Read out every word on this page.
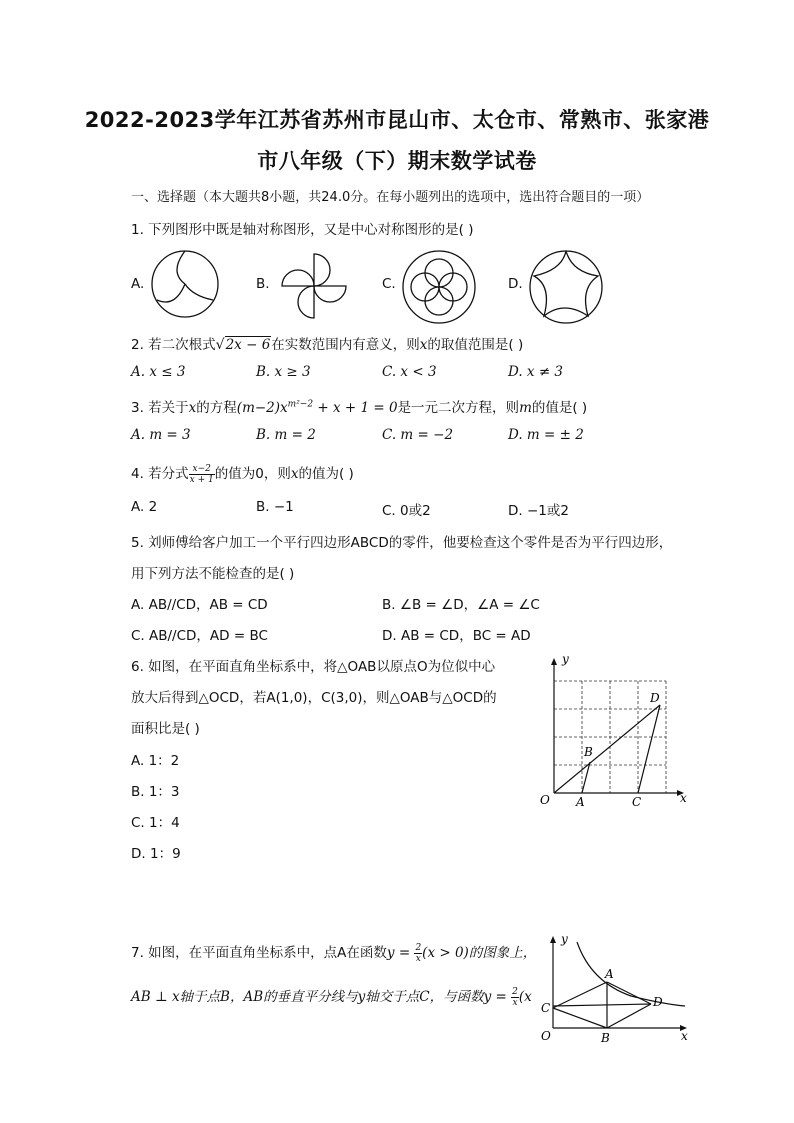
2022-2023学年江苏省苏州市昆山市、太仓市、常熟市、张家港
市八年级（下）期末数学试卷
一、选择题（本大题共8小题，共24.0分。在每小题列出的选项中，选出符合题目的一项）
1. 下列图形中既是轴对称图形，又是中心对称图形的是( )
A.	B.	C.	D.
2. 若二次根式√2x − 6在实数范围内有意义，则x的取值范围是( )
A. x ≤ 3	B. x ≥ 3	C. x < 3	D. x ≠ 3
3. 若关于x的方程$(m-2)x^{m^2-2} + x + 1 = 0$是一元二次方程，则m的值是( )
A. m = 3	B. m = 2	C. m = −2	D. m = ± 2
4. 若分式 $\frac{x-2}{x + 1}$ 的值为0，则x的值为( )
A. 2	B. −1	C. 0或2	D. −1或2
5. 刘师傅给客户加工一个平行四边形ABCD的零件，他要检查这个零件是否为平行四边形，
用下列方法不能检查的是( )
A. AB//CD，AB = CD	B. ∠B = ∠D，∠A = ∠C
C. AB//CD，AD = BC	D. AB = CD，BC = AD
6. 如图，在平面直角坐标系中，将△OAB以原点O为位似中心
放大后得到△OCD，若A(1,0)，C(3,0)，则△OAB与△OCD的
面积比是( )
A. 1：2
B. 1：3
C. 1：4
D. 1：9
y
x
O A
B
C
D
7. 如图，在平面直角坐标系中，点A在函数$y = \frac{2}{x} (x > 0)$的图象上，
AB ⊥ x轴于点B，AB的垂直平分线与y轴交于点C，与函数$y = \frac{2}{x} (x$
y
x
O
A
B
C	D
